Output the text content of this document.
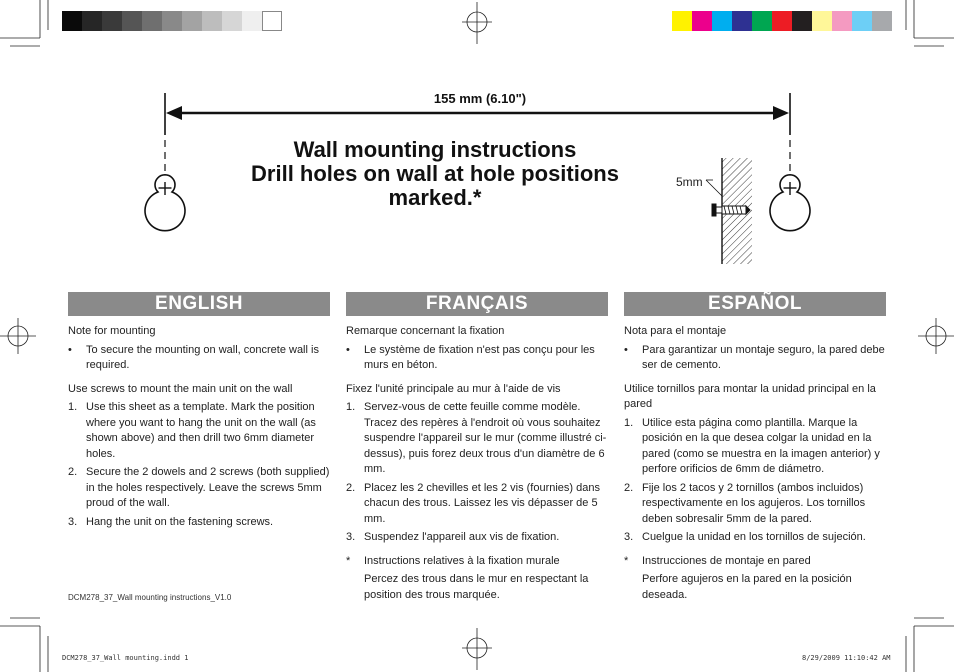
155 mm (6.10")
5mm
Wall mounting instructions
Drill holes on wall at hole positions
marked.*
ENGLISH	FRANÇAIS	ESPAÑOL
Note for mounting
• To secure the mounting on wall, concrete wall is required.
Use screws to mount the main unit on the wall
1. Use this sheet as a template. Mark the position where you want to hang the unit on the wall (as shown above) and then drill two 6mm diameter holes.
2. Secure the 2 dowels and 2 screws (both supplied) in the holes respectively. Leave the screws 5mm proud of the wall.
3. Hang the unit on the fastening screws.
Remarque concernant la fixation
• Le système de fixation n'est pas conçu pour les murs en béton.
Fixez l'unité principale au mur à l'aide de vis
1. Servez-vous de cette feuille comme modèle. Tracez des repères à l'endroit où vous souhaitez suspendre l'appareil sur le mur (comme illustré ci-dessus), puis forez deux trous d'un diamètre de 6 mm.
2. Placez les 2 chevilles et les 2 vis (fournies) dans chacun des trous. Laissez les vis dépasser de 5 mm.
3. Suspendez l'appareil aux vis de fixation.
* Instructions relatives à la fixation murale
Percez des trous dans le mur en respectant la position des trous marquée.
Nota para el montaje
• Para garantizar un montaje seguro, la pared debe ser de cemento.
Utilice tornillos para montar la unidad principal en la pared
1. Utilice esta página como plantilla. Marque la posición en la que desea colgar la unidad en la pared (como se muestra en la imagen anterior) y perfore orificios de 6mm de diámetro.
2. Fije los 2 tacos y 2 tornillos (ambos incluidos) respectivamente en los agujeros. Los tornillos deben sobresalir 5mm de la pared.
3. Cuelgue la unidad en los tornillos de sujeción.
* Instrucciones de montaje en pared
Perfore agujeros en la pared en la posición deseada.
DCM278_37_Wall mounting instructions_V1.0
DCM278_37_Wall mounting.indd 1	8/29/2009 11:10:42 AM
